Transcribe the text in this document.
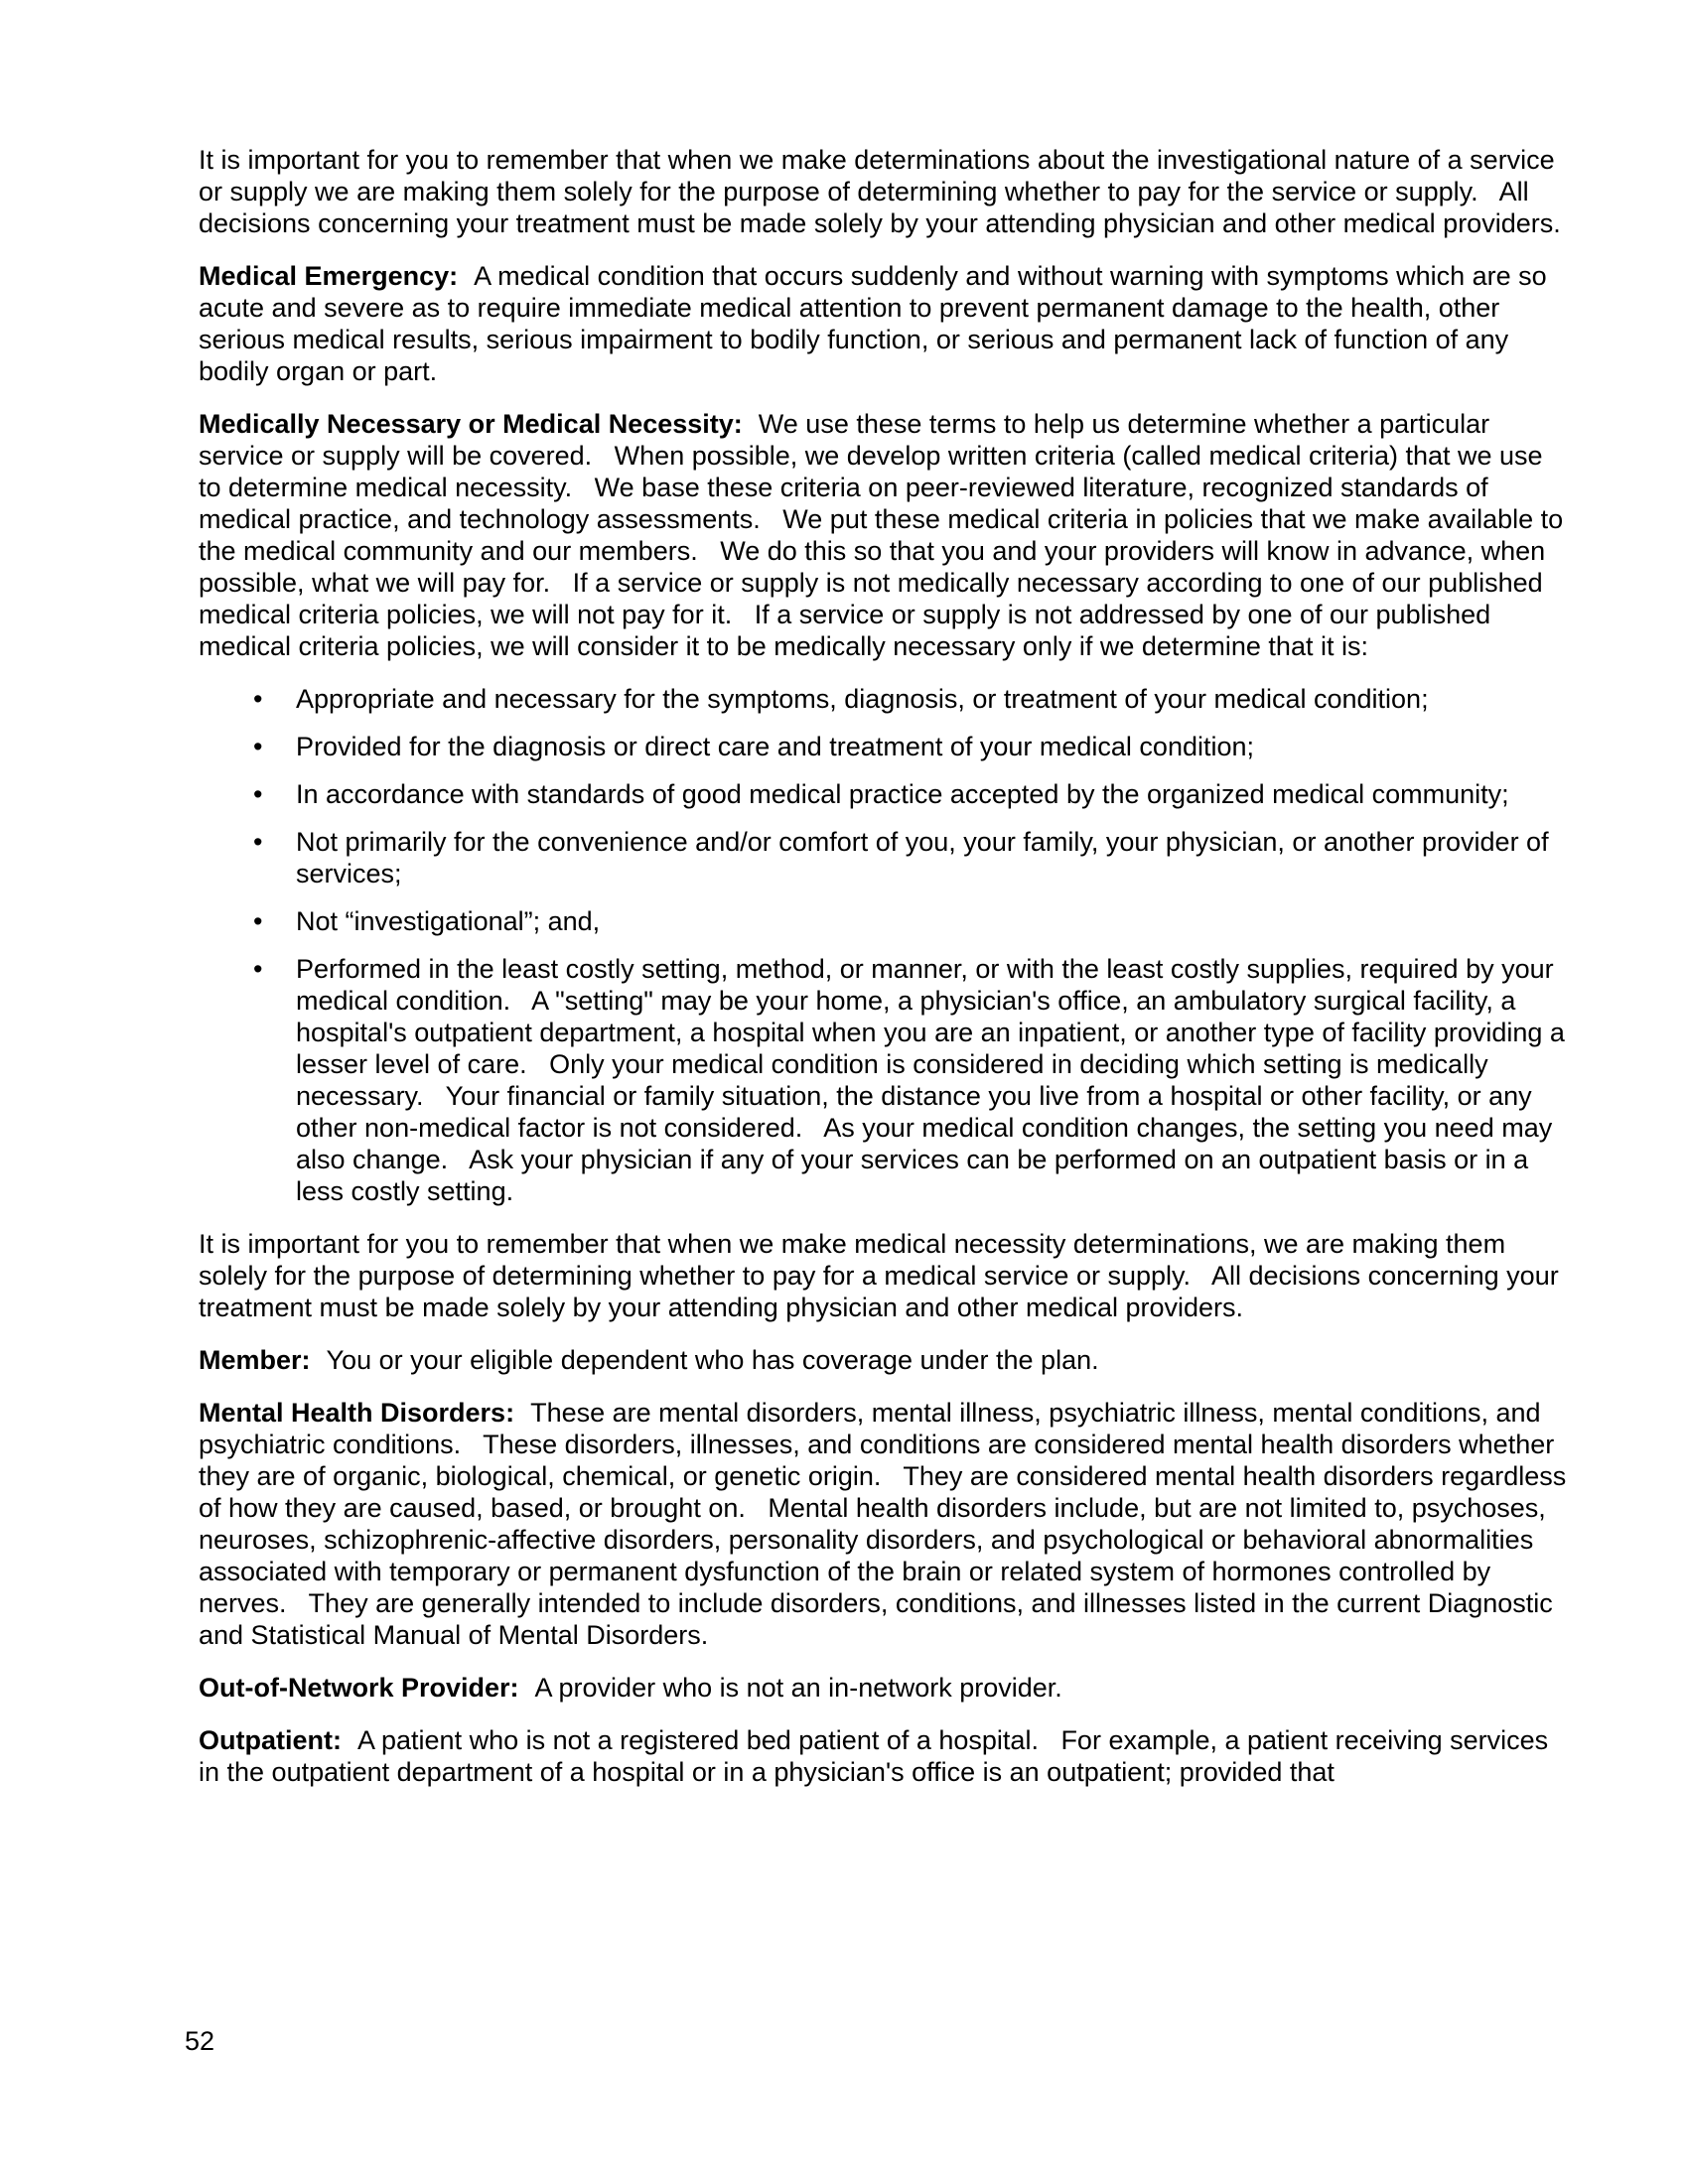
It is important for you to remember that when we make determinations about the investigational nature of a service or supply we are making them solely for the purpose of determining whether to pay for the service or supply.   All decisions concerning your treatment must be made solely by your attending physician and other medical providers.

Medical Emergency: A medical condition that occurs suddenly and without warning with symptoms which are so acute and severe as to require immediate medical attention to prevent permanent damage to the health, other serious medical results, serious impairment to bodily function, or serious and permanent lack of function of any bodily organ or part.

Medically Necessary or Medical Necessity: We use these terms to help us determine whether a particular service or supply will be covered.   When possible, we develop written criteria (called medical criteria) that we use to determine medical necessity.   We base these criteria on peer-reviewed literature, recognized standards of medical practice, and technology assessments.   We put these medical criteria in policies that we make available to the medical community and our members.   We do this so that you and your providers will know in advance, when possible, what we will pay for.   If a service or supply is not medically necessary according to one of our published medical criteria policies, we will not pay for it.   If a service or supply is not addressed by one of our published medical criteria policies, we will consider it to be medically necessary only if we determine that it is:

•	Appropriate and necessary for the symptoms, diagnosis, or treatment of your medical condition;
•	Provided for the diagnosis or direct care and treatment of your medical condition;
•	In accordance with standards of good medical practice accepted by the organized medical community;
•	Not primarily for the convenience and/or comfort of you, your family, your physician, or another provider of services;
•	Not “investigational”; and,
•	Performed in the least costly setting, method, or manner, or with the least costly supplies, required by your medical condition.   A "setting" may be your home, a physician's office, an ambulatory surgical facility, a hospital's outpatient department, a hospital when you are an inpatient, or another type of facility providing a lesser level of care.   Only your medical condition is considered in deciding which setting is medically necessary.   Your financial or family situation, the distance you live from a hospital or other facility, or any other non-medical factor is not considered.   As your medical condition changes, the setting you need may also change.   Ask your physician if any of your services can be performed on an outpatient basis or in a less costly setting.

It is important for you to remember that when we make medical necessity determinations, we are making them solely for the purpose of determining whether to pay for a medical service or supply.   All decisions concerning your treatment must be made solely by your attending physician and other medical providers.

Member: You or your eligible dependent who has coverage under the plan.

Mental Health Disorders: These are mental disorders, mental illness, psychiatric illness, mental conditions, and psychiatric conditions.   These disorders, illnesses, and conditions are considered mental health disorders whether they are of organic, biological, chemical, or genetic origin.   They are considered mental health disorders regardless of how they are caused, based, or brought on.   Mental health disorders include, but are not limited to, psychoses, neuroses, schizophrenic-affective disorders, personality disorders, and psychological or behavioral abnormalities associated with temporary or permanent dysfunction of the brain or related system of hormones controlled by nerves.   They are generally intended to include disorders, conditions, and illnesses listed in the current Diagnostic and Statistical Manual of Mental Disorders.

Out-of-Network Provider: A provider who is not an in-network provider.

Outpatient: A patient who is not a registered bed patient of a hospital.   For example, a patient receiving services in the outpatient department of a hospital or in a physician's office is an outpatient; provided that

52
